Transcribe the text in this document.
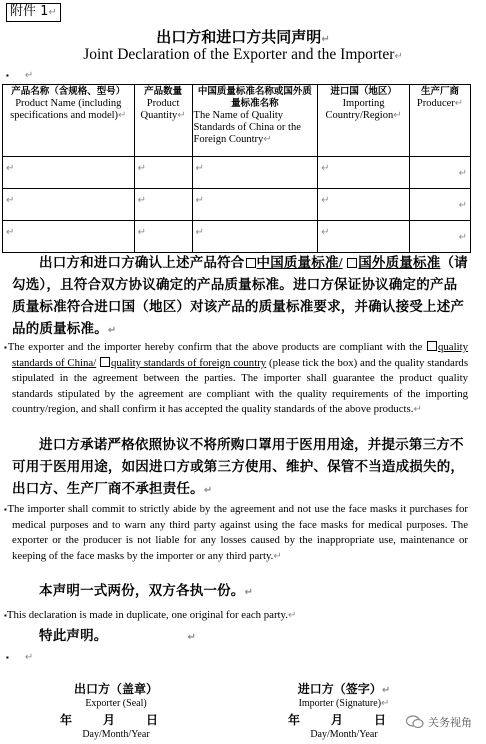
附件 1↵
出口方和进口方共同声明↵
Joint Declaration of the Exporter and the Importer↵
▪ ↵
产品名称（含规格、型号）
Product Name (including specifications and model)↵	产品数量
Product Quantity↵	中国质量标准名称或国外质量标准名称
The Name of Quality Standards of China or the Foreign Country↵	进口国（地区）
Importing Country/Region↵	生产厂商
Producer↵
↵	↵	↵	↵	↵

↵	↵	↵	↵	↵

↵	↵	↵	↵	↵
出口方和进口方确认上述产品符合 中国质量标准/ 国外质量标准（请勾选），且符合双方协议确定的产品质量标准。进口方保证协议确定的产品质量标准符合进口国（地区）对该产品的质量标准要求，并确认接受上述产品的质量标准。↵
▪The exporter and the importer hereby confirm that the above products are compliant with the quality standards of China/ quality standards of foreign country (please tick the box) and the quality standards stipulated in the agreement between the parties. The importer shall guarantee the product quality standards stipulated by the agreement are compliant with the quality requirements of the importing country/region, and shall confirm it has accepted the quality standards of the above products.↵
进口方承诺严格依照协议不将所购口罩用于医用用途，并提示第三方不可用于医用用途，如因进口方或第三方使用、维护、保管不当造成损失的，出口方、生产厂商不承担责任。↵
▪The importer shall commit to strictly abide by the agreement and not use the face masks it purchases for medical purposes and to warn any third party against using the face masks for medical purposes. The exporter or the producer is not liable for any losses caused by the inappropriate use, maintenance or keeping of the face masks by the importer or any third party.↵
本声明一式两份，双方各执一份。↵
▪This declaration is made in duplicate, one original for each party.↵
特此声明。	↵
▪ ↵
出口方（盖章）
Exporter (Seal)
年 月 日
Day/Month/Year
进口方（签字）↵
Importer (Signature)↵
年 月 日
Day/Month/Year
关务视角
